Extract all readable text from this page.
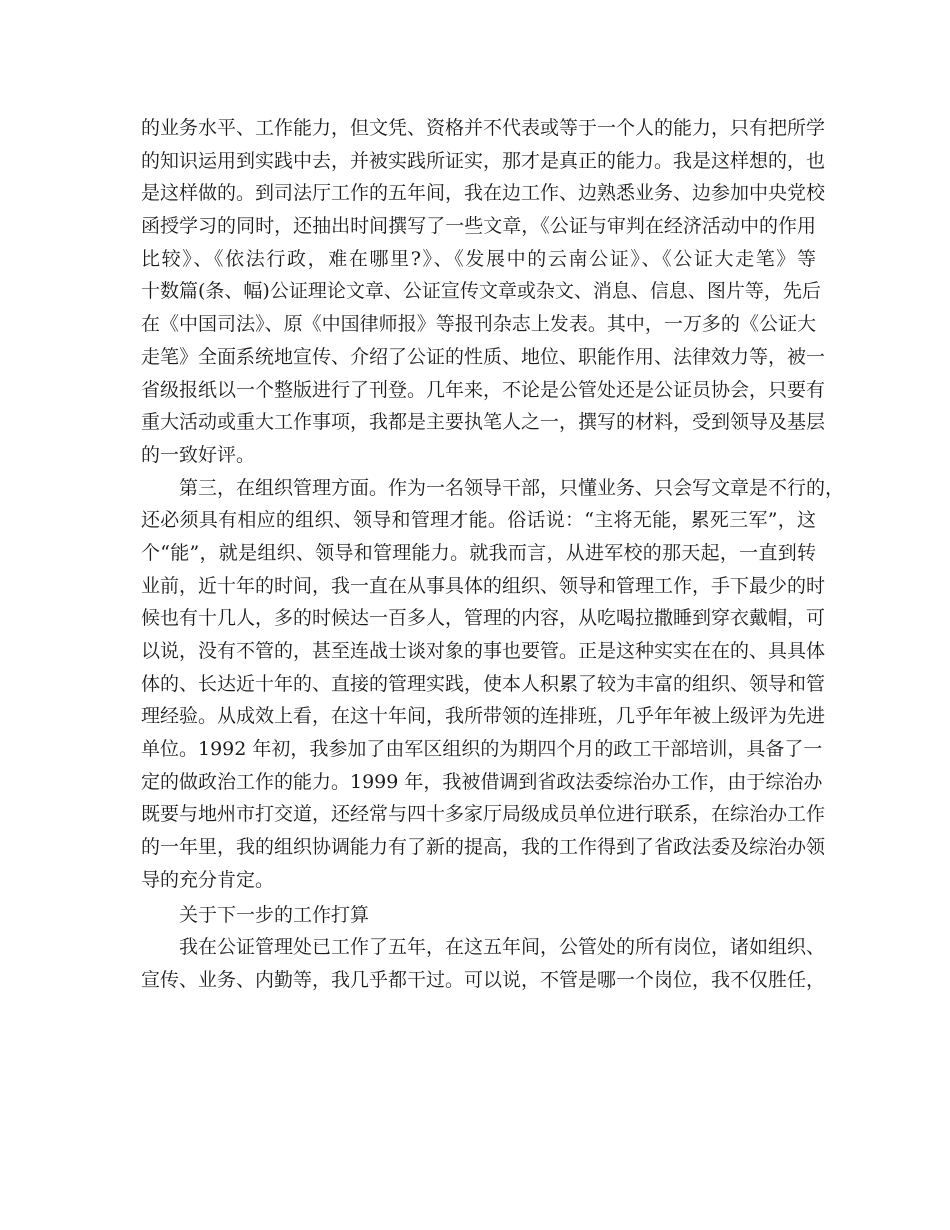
的业务水平、工作能力，但文凭、资格并不代表或等于一个人的能力，只有把所学
的知识运用到实践中去，并被实践所证实，那才是真正的能力。我是这样想的，也
是这样做的。到司法厅工作的五年间，我在边工作、边熟悉业务、边参加中央党校
函授学习的同时，还抽出时间撰写了一些文章，《公证与审判在经济活动中的作用
比较》、《依法行政，难在哪里?》、《发展中的云南公证》、《公证大走笔》等
十数篇(条、幅)公证理论文章、公证宣传文章或杂文、消息、信息、图片等，先后
在《中国司法》、原《中国律师报》等报刊杂志上发表。其中，一万多的《公证大
走笔》全面系统地宣传、介绍了公证的性质、地位、职能作用、法律效力等，被一
省级报纸以一个整版进行了刊登。几年来，不论是公管处还是公证员协会，只要有
重大活动或重大工作事项，我都是主要执笔人之一，撰写的材料，受到领导及基层
的一致好评。
第三，在组织管理方面。作为一名领导干部，只懂业务、只会写文章是不行的，
还必须具有相应的组织、领导和管理才能。俗话说：“主将无能，累死三军”，这
个“能”，就是组织、领导和管理能力。就我而言，从进军校的那天起，一直到转
业前，近十年的时间，我一直在从事具体的组织、领导和管理工作，手下最少的时
候也有十几人，多的时候达一百多人，管理的内容，从吃喝拉撒睡到穿衣戴帽，可
以说，没有不管的，甚至连战士谈对象的事也要管。正是这种实实在在的、具具体
体的、长达近十年的、直接的管理实践，使本人积累了较为丰富的组织、领导和管
理经验。从成效上看，在这十年间，我所带领的连排班，几乎年年被上级评为先进
单位。1992 年初，我参加了由军区组织的为期四个月的政工干部培训，具备了一
定的做政治工作的能力。1999 年，我被借调到省政法委综治办工作，由于综治办
既要与地州市打交道，还经常与四十多家厅局级成员单位进行联系，在综治办工作
的一年里，我的组织协调能力有了新的提高，我的工作得到了省政法委及综治办领
导的充分肯定。
关于下一步的工作打算
我在公证管理处已工作了五年，在这五年间，公管处的所有岗位，诸如组织、
宣传、业务、内勤等，我几乎都干过。可以说，不管是哪一个岗位，我不仅胜任，
